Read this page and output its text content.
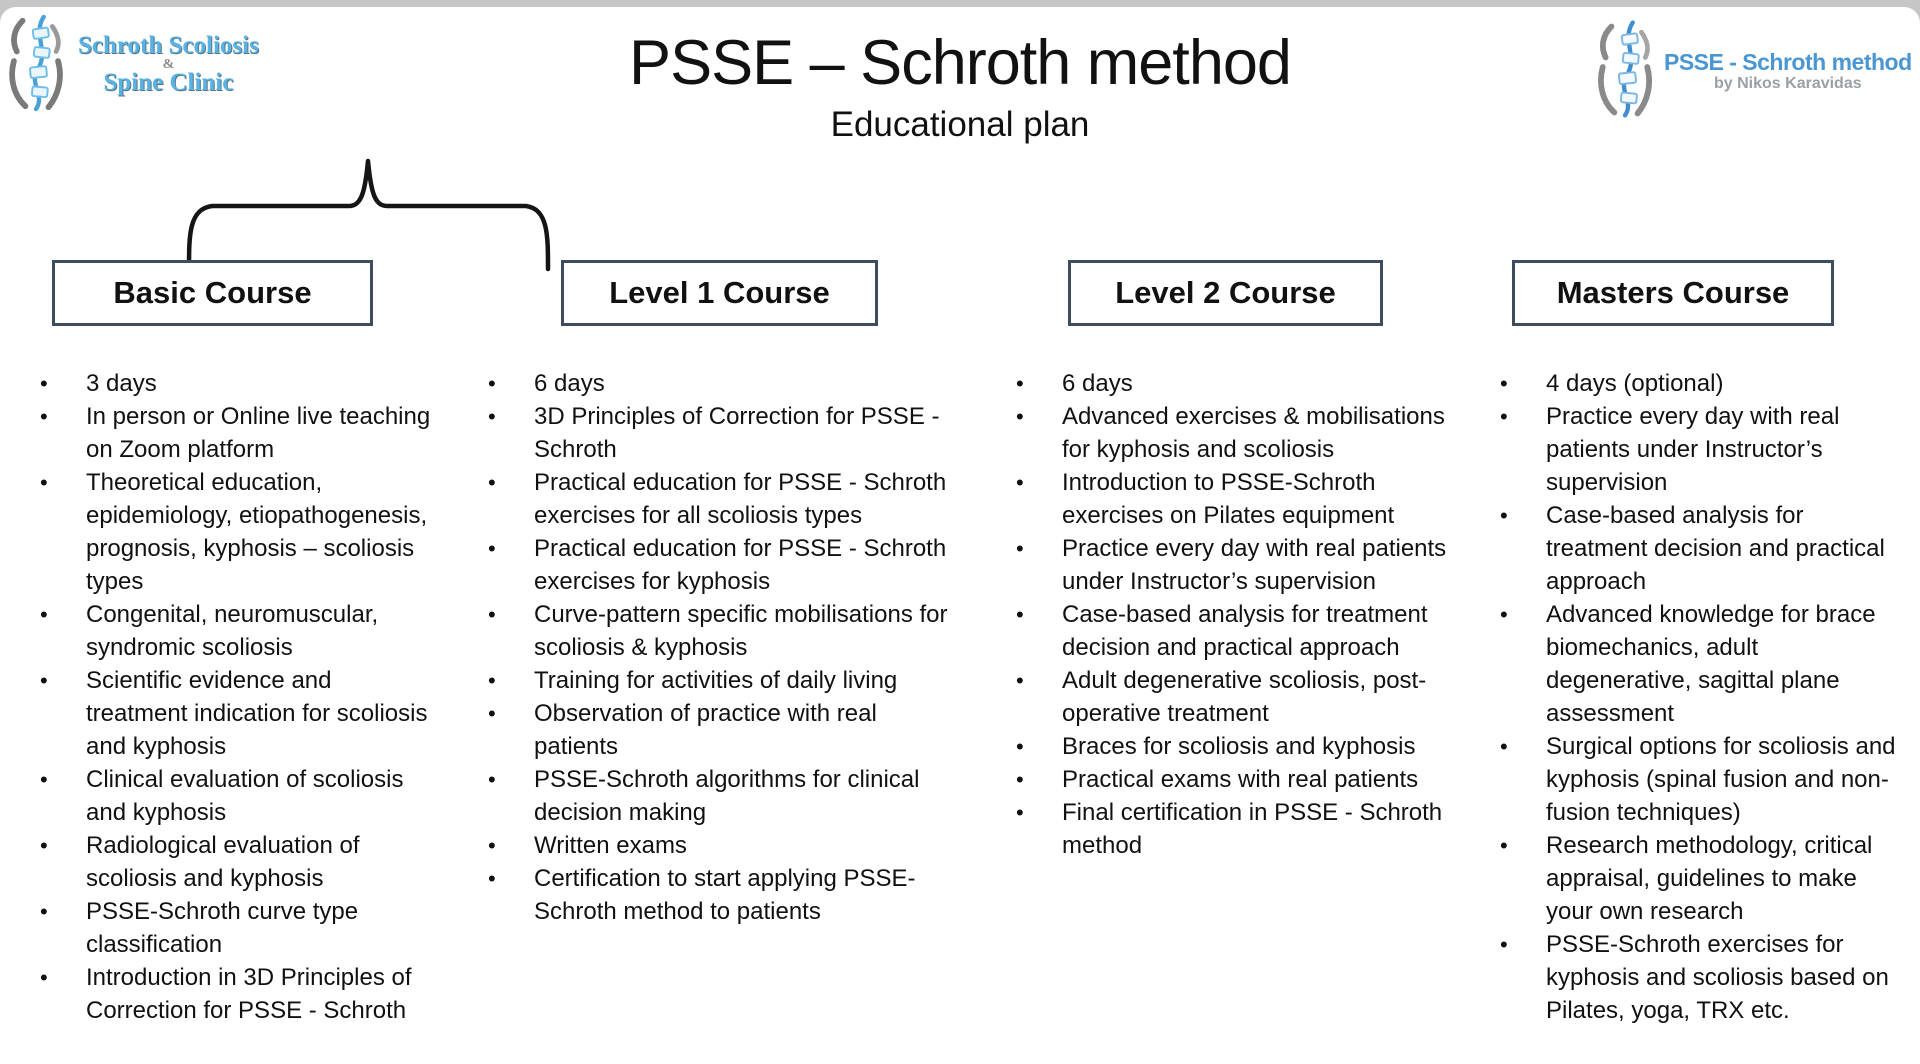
Schroth Scoliosis
&
Spine Clinic	PSSE – Schroth method
Educational plan
PSSE - Schroth method
by Nikos Karavidas
Basic Course	Level 1 Course	Level 2 Course	Masters Course
•	3 days
•	In person or Online live teaching on Zoom platform
•	Theoretical education, epidemiology, etiopathogenesis, prognosis, kyphosis – scoliosis types
•	Congenital, neuromuscular, syndromic scoliosis
•	Scientific evidence and treatment indication for scoliosis and kyphosis
•	Clinical evaluation of scoliosis and kyphosis
•	Radiological evaluation of scoliosis and kyphosis
•	PSSE-Schroth curve type classification
•	Introduction in 3D Principles of Correction for PSSE - Schroth
•	6 days
•	3D Principles of Correction for PSSE - Schroth
•	Practical education for PSSE - Schroth exercises for all scoliosis types
•	Practical education for PSSE - Schroth exercises for kyphosis
•	Curve-pattern specific mobilisations for scoliosis & kyphosis
•	Training for activities of daily living
•	Observation of practice with real patients
•	PSSE-Schroth algorithms for clinical decision making
•	Written exams
•	Certification to start applying PSSE-Schroth method to patients
•	6 days
•	Advanced exercises & mobilisations for kyphosis and scoliosis
•	Introduction to PSSE-Schroth exercises on Pilates equipment
•	Practice every day with real patients under Instructor’s supervision
•	Case-based analysis for treatment decision and practical approach
•	Adult degenerative scoliosis, post-operative treatment
•	Braces for scoliosis and kyphosis
•	Practical exams with real patients
•	Final certification in PSSE - Schroth method
•	4 days (optional)
•	Practice every day with real patients under Instructor’s supervision
•	Case-based analysis for treatment decision and practical approach
•	Advanced knowledge for brace biomechanics, adult degenerative, sagittal plane assessment
•	Surgical options for scoliosis and kyphosis (spinal fusion and non-fusion techniques)
•	Research methodology, critical appraisal, guidelines to make your own research
•	PSSE-Schroth exercises for kyphosis and scoliosis based on Pilates, yoga, TRX etc.
